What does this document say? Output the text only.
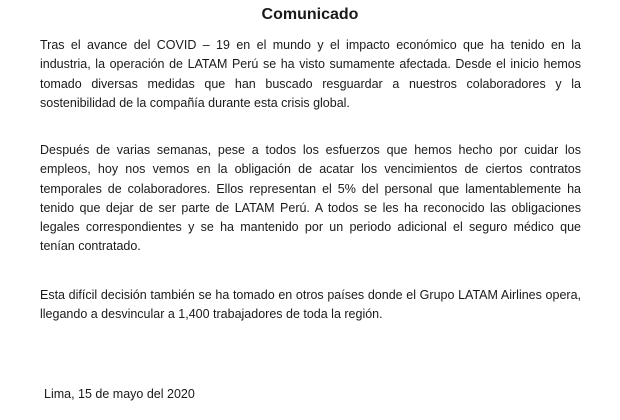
Comunicado

Tras el avance del COVID – 19 en el mundo y el impacto económico que ha tenido en la industria, la operación de LATAM Perú se ha visto sumamente afectada. Desde el inicio hemos tomado diversas medidas que han buscado resguardar a nuestros colaboradores y la sostenibilidad de la compañía durante esta crisis global.

Después de varias semanas, pese a todos los esfuerzos que hemos hecho por cuidar los empleos, hoy nos vemos en la obligación de acatar los vencimientos de ciertos contratos temporales de colaboradores. Ellos representan el 5% del personal que lamentablemente ha tenido que dejar de ser parte de LATAM Perú. A todos se les ha reconocido las obligaciones legales correspondientes y se ha mantenido por un periodo adicional el seguro médico que tenían contratado.

Esta difícil decisión también se ha tomado en otros países donde el Grupo LATAM Airlines opera, llegando a desvincular a 1,400 trabajadores de toda la región.

Lima, 15 de mayo del 2020
